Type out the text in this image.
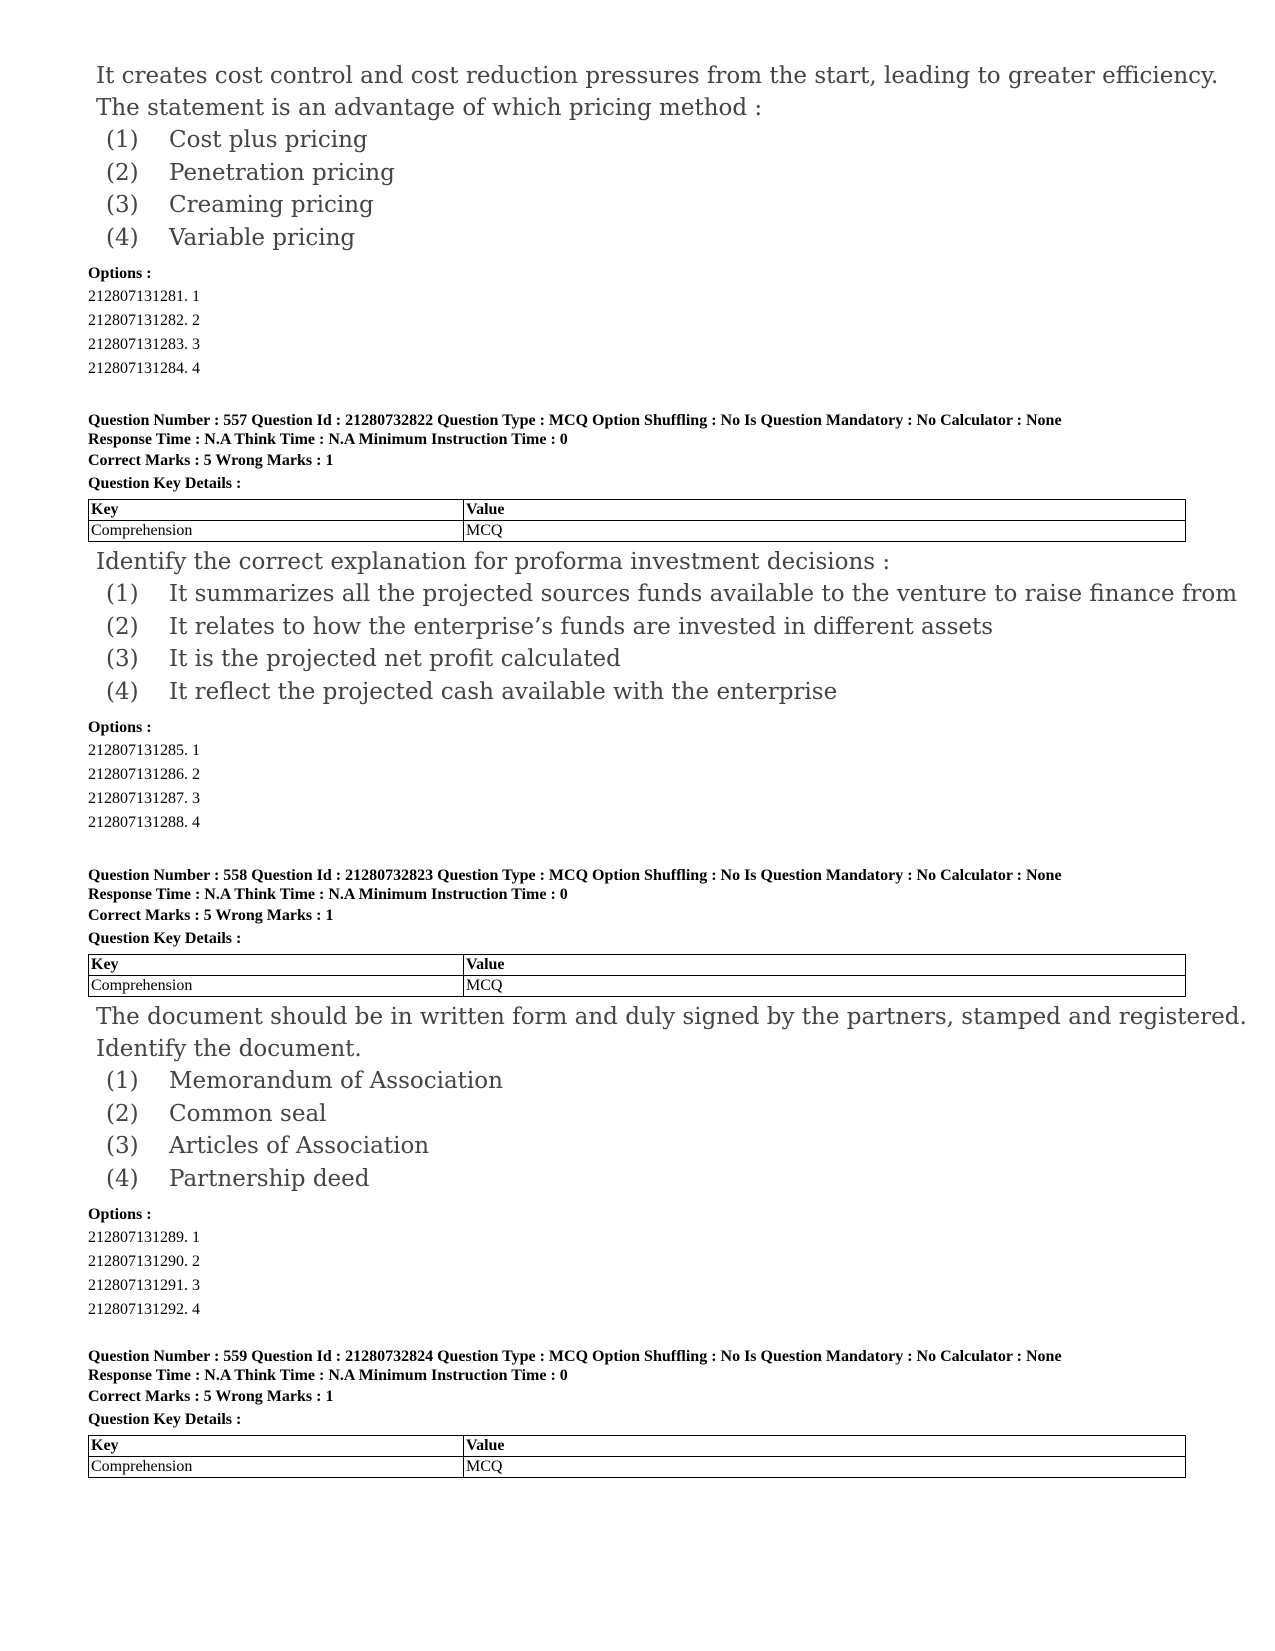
It creates cost control and cost reduction pressures from the start, leading to greater efficiency.
The statement is an advantage of which pricing method :
(1)	Cost plus pricing
(2)	Penetration pricing
(3)	Creaming pricing
(4)	Variable pricing
Options :
212807131281. 1
212807131282. 2
212807131283. 3
212807131284. 4
Question Number : 557 Question Id : 21280732822 Question Type : MCQ Option Shuffling : No Is Question Mandatory : No Calculator : None
Response Time : N.A Think Time : N.A Minimum Instruction Time : 0
Correct Marks : 5 Wrong Marks : 1
Question Key Details :
Key	Value
Comprehension	MCQ
Identify the correct explanation for proforma investment decisions :
(1)	It summarizes all the projected sources funds available to the venture to raise finance from
(2)	It relates to how the enterprise’s funds are invested in different assets
(3)	It is the projected net profit calculated
(4)	It reflect the projected cash available with the enterprise
Options :
212807131285. 1
212807131286. 2
212807131287. 3
212807131288. 4
Question Number : 558 Question Id : 21280732823 Question Type : MCQ Option Shuffling : No Is Question Mandatory : No Calculator : None
Response Time : N.A Think Time : N.A Minimum Instruction Time : 0
Correct Marks : 5 Wrong Marks : 1
Question Key Details :
Key	Value
Comprehension	MCQ
The document should be in written form and duly signed by the partners, stamped and registered.
Identify the document.
(1)	Memorandum of Association
(2)	Common seal
(3)	Articles of Association
(4)	Partnership deed
Options :
212807131289. 1
212807131290. 2
212807131291. 3
212807131292. 4
Question Number : 559 Question Id : 21280732824 Question Type : MCQ Option Shuffling : No Is Question Mandatory : No Calculator : None
Response Time : N.A Think Time : N.A Minimum Instruction Time : 0
Correct Marks : 5 Wrong Marks : 1
Question Key Details :
Key	Value
Comprehension	MCQ
